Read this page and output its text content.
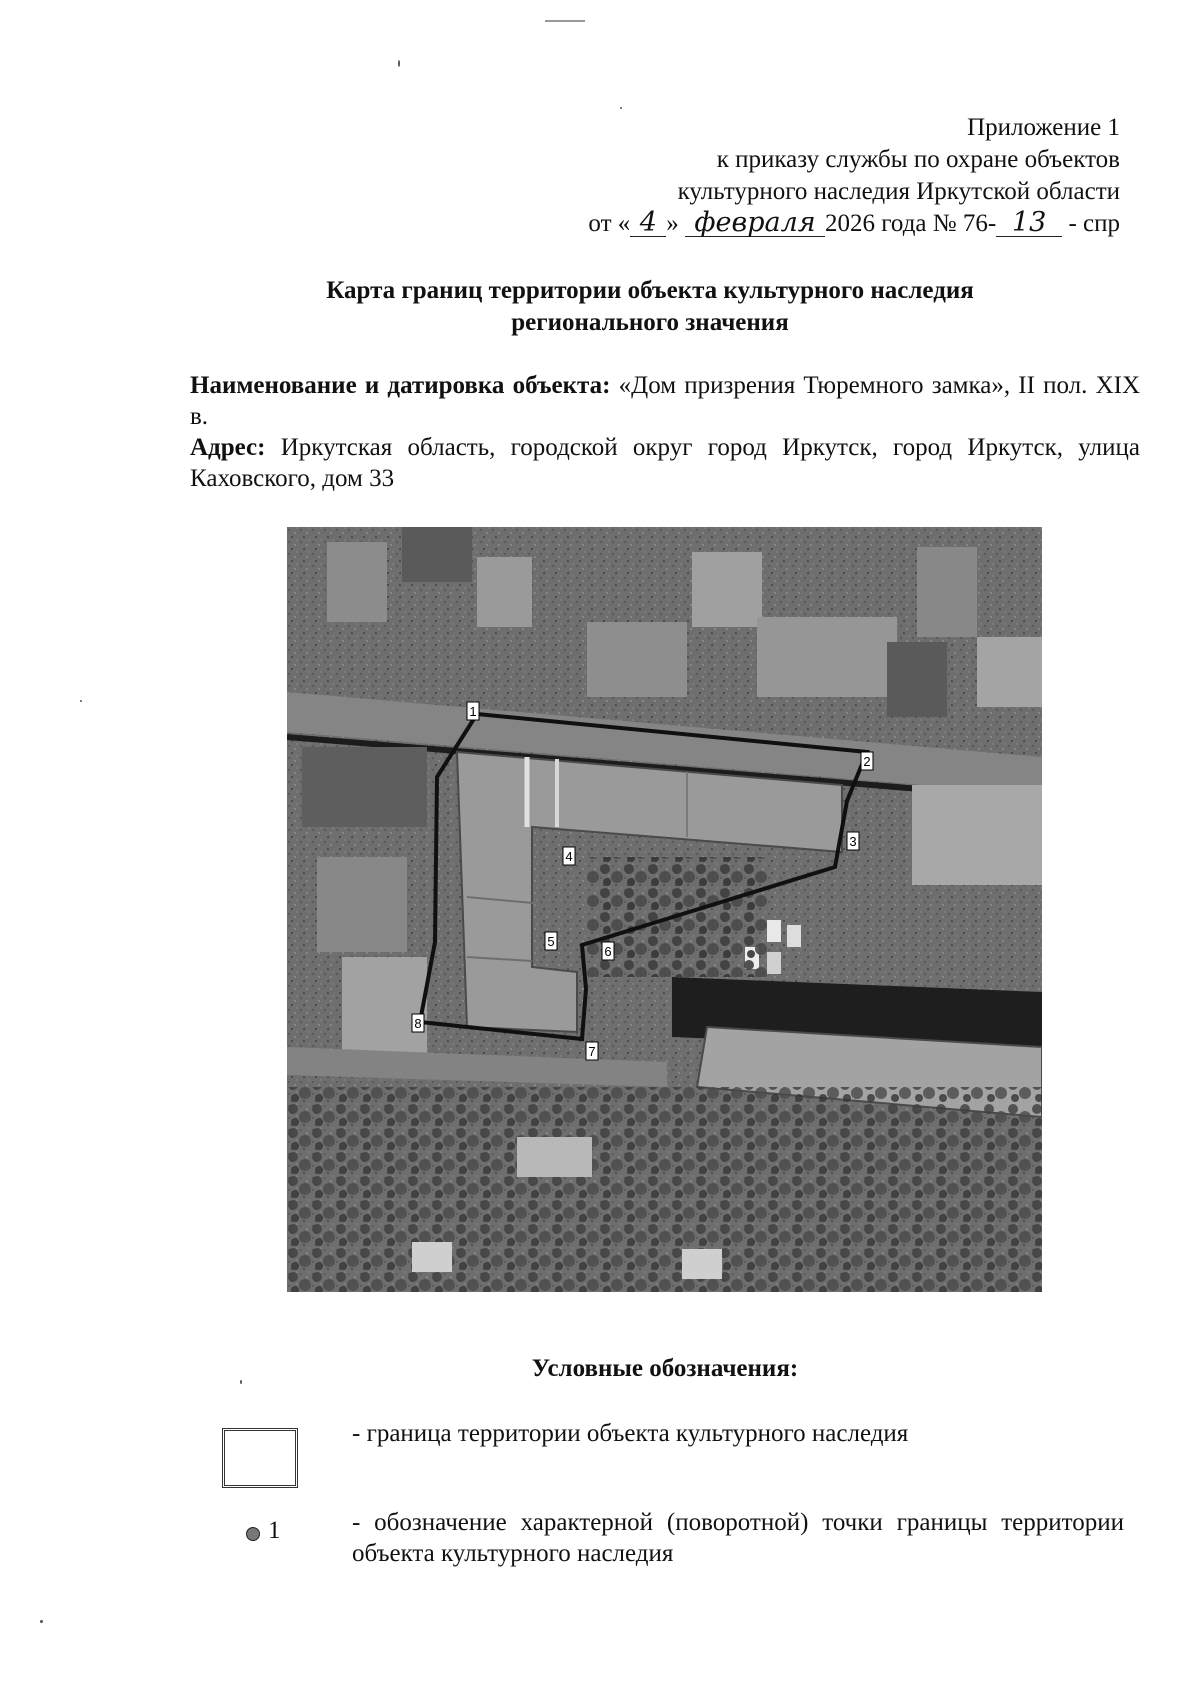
Приложение 1
к приказу службы по охране объектов
культурного наследия Иркутской области
от « 4 » февраля 2026 года № 76- 13 - спр
Карта границ территории объекта культурного наследия
регионального значения

Наименование и датировка объекта: «Дом призрения Тюремного замка», II пол. XIX в.

Адрес: Иркутская область, городской округ город Иркутск, город Иркутск, улица Каховского, дом 33

1
2
3
4
5
6
7
8
Условные обозначения:
- граница территории объекта культурного наследия
1	- обозначение характерной (поворотной) точки границы территории объекта культурного наследия
